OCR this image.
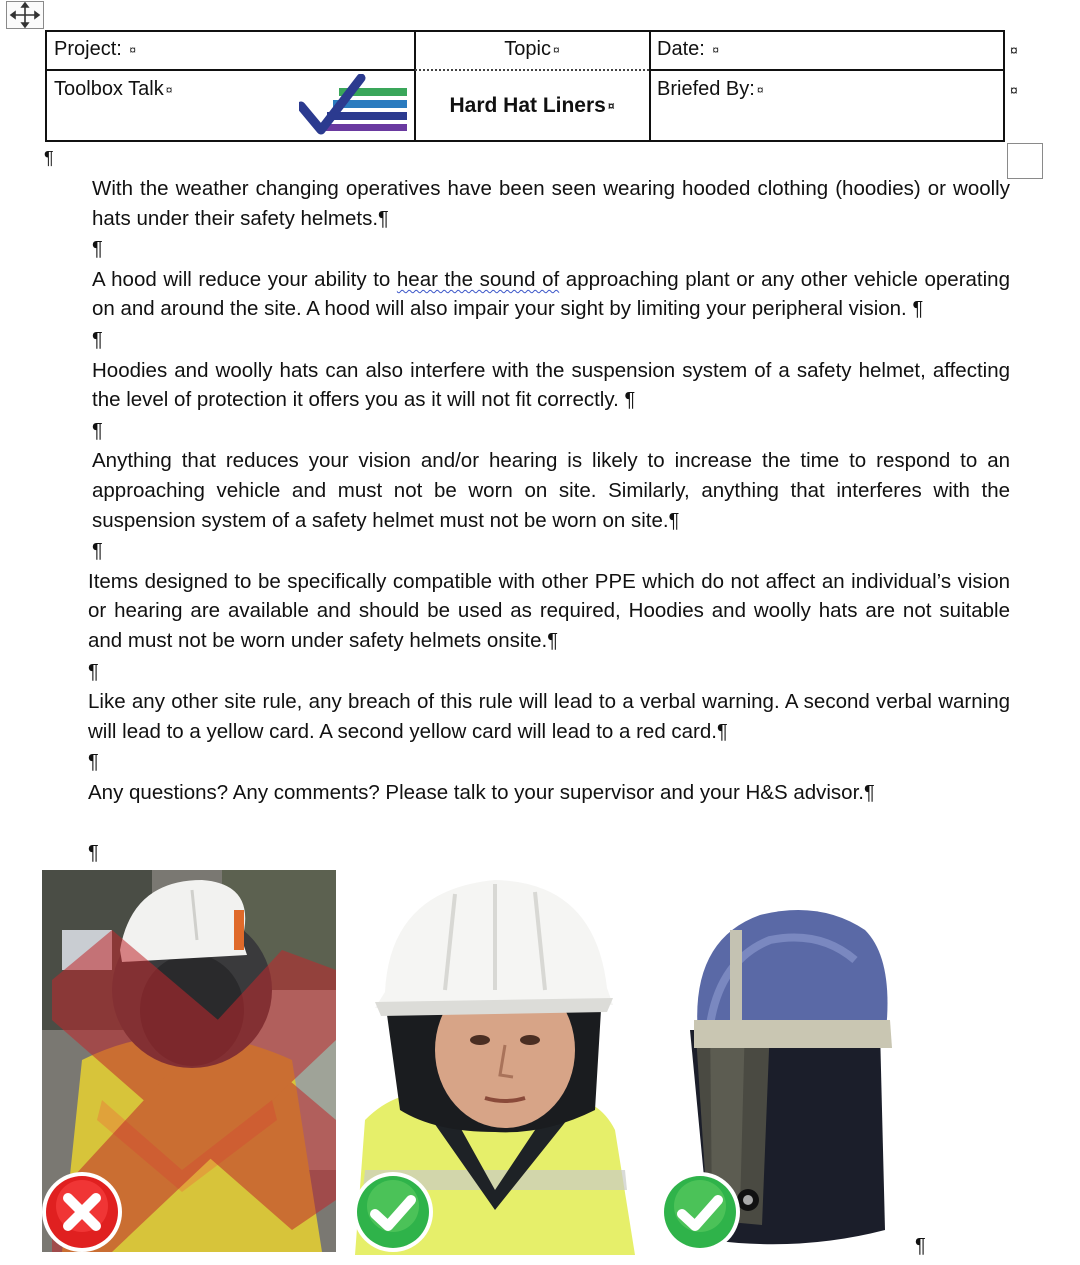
Project: ¤	Topic ¤	Date: ¤
Toolbox Talk ¤
Hard Hat Liners ¤
Briefed By: ¤
¤
¤
¶

With the weather changing operatives have been seen wearing hooded clothing (hoodies) or woolly hats under their safety helmets.¶

¶

A hood will reduce your ability to hear the sound of approaching plant or any other vehicle operating on and around the site. A hood will also impair your sight by limiting your peripheral vision. ¶

¶

Hoodies and woolly hats can also interfere with the suspension system of a safety helmet, affecting the level of protection it offers you as it will not fit correctly. ¶

¶

Anything that reduces your vision and/or hearing is likely to increase the time to respond to an approaching vehicle and must not be worn on site. Similarly, anything that interferes with the suspension system of a safety helmet must not be worn on site.¶

¶

Items designed to be specifically compatible with other PPE which do not affect an individual’s vision or hearing are available and should be used as required, Hoodies and woolly hats are not suitable and must not be worn under safety helmets onsite.¶

¶

Like any other site rule, any breach of this rule will lead to a verbal warning. A second verbal warning will lead to a yellow card. A second yellow card will lead to a red card.¶

¶

Any questions? Any comments? Please talk to your supervisor and your H&S advisor.¶

¶
¶
